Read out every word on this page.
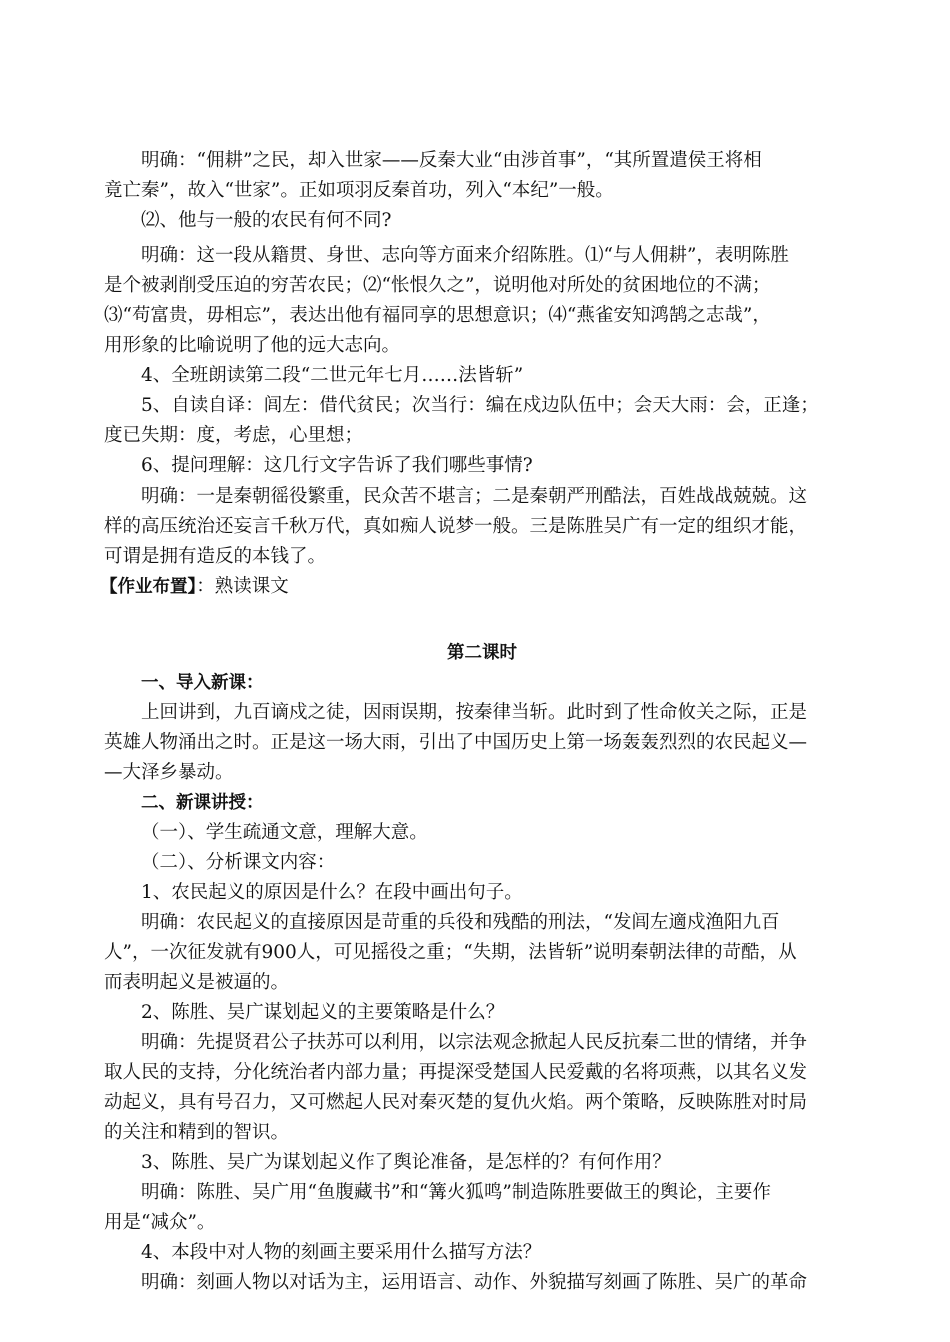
明确：“佣耕”之民，却入世家——反秦大业“由涉首事”，“其所置遣侯王将相
竟亡秦”，故入“世家”。正如项羽反秦首功，列入“本纪”一般。
⑵、他与一般的农民有何不同?
明确：这一段从籍贯、身世、志向等方面来介绍陈胜。⑴“与人佣耕”，表明陈胜
是个被剥削受压迫的穷苦农民；⑵“怅恨久之”，说明他对所处的贫困地位的不满；
⑶“苟富贵，毋相忘”，表达出他有福同享的思想意识；⑷“燕雀安知鸿鹄之志哉”，
用形象的比喻说明了他的远大志向。
4、全班朗读第二段“二世元年七月……法皆斩”
5、自读自译：闾左：借代贫民；次当行：编在戍边队伍中；会天大雨：会，正逢；
度已失期：度，考虑，心里想；
6、提问理解：这几行文字告诉了我们哪些事情?
明确：一是秦朝徭役繁重，民众苦不堪言；二是秦朝严刑酷法，百姓战战兢兢。这
样的高压统治还妄言千秋万代，真如痴人说梦一般。三是陈胜吴广有一定的组织才能，
可谓是拥有造反的本钱了。
【作业布置】：熟读课文
第二课时
一、导入新课：
上回讲到，九百谪戍之徒，因雨误期，按秦律当斩。此时到了性命攸关之际，正是
英雄人物涌出之时。正是这一场大雨，引出了中国历史上第一场轰轰烈烈的农民起义—
—大泽乡暴动。
二、新课讲授：
（一）、学生疏通文意，理解大意。
（二）、分析课文内容：
1、农民起义的原因是什么？在段中画出句子。
明确：农民起义的直接原因是苛重的兵役和残酷的刑法，“发闾左適戍渔阳九百
人”，一次征发就有900人，可见摇役之重；“失期，法皆斩”说明秦朝法律的苛酷，从
而表明起义是被逼的。
2、陈胜、吴广谋划起义的主要策略是什么？
明确：先提贤君公子扶苏可以利用，以宗法观念掀起人民反抗秦二世的情绪，并争
取人民的支持，分化统治者内部力量；再提深受楚国人民爱戴的名将项燕，以其名义发
动起义，具有号召力，又可燃起人民对秦灭楚的复仇火焰。两个策略，反映陈胜对时局
的关注和精到的智识。
3、陈胜、吴广为谋划起义作了舆论准备，是怎样的？有何作用？
明确：陈胜、吴广用“鱼腹藏书”和“篝火狐鸣”制造陈胜要做王的舆论，主要作
用是“减众”。
4、本段中对人物的刻画主要采用什么描写方法？
明确：刻画人物以对话为主，运用语言、动作、外貌描写刻画了陈胜、吴广的革命
